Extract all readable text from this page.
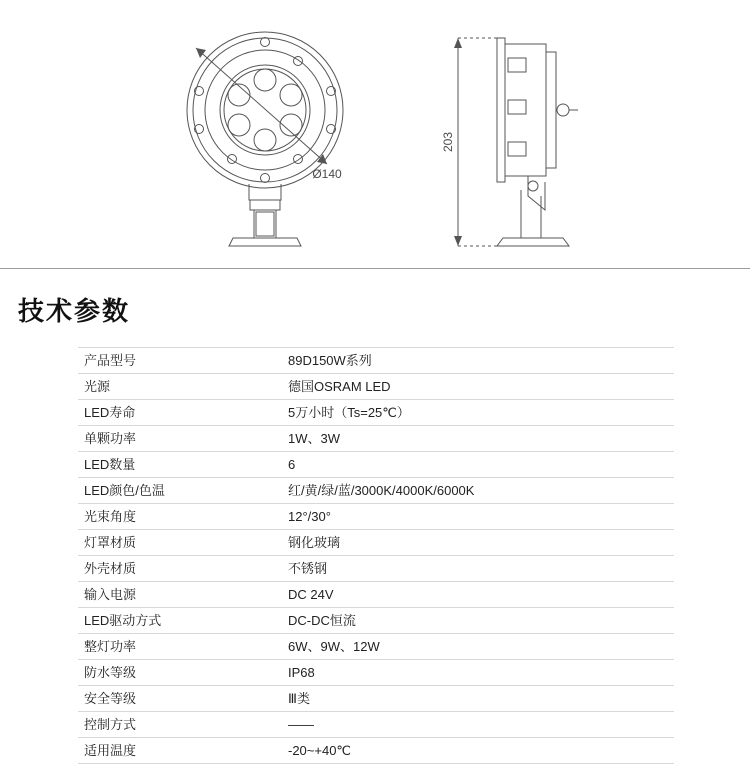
Ø140
203
技术参数
产品型号	89D150W系列
光源	德国OSRAM LED
LED寿命	5万小时（Ts=25℃）
单颗功率	1W、3W
LED数量	6
LED颜色/色温	红/黄/绿/蓝/3000K/4000K/6000K
光束角度	12°/30°
灯罩材质	钢化玻璃
外壳材质	不锈钢
输入电源	DC 24V
LED驱动方式	DC-DC恒流
整灯功率	6W、9W、12W
防水等级	IP68
安全等级	Ⅲ类
控制方式	——
适用温度	-20~+40℃
